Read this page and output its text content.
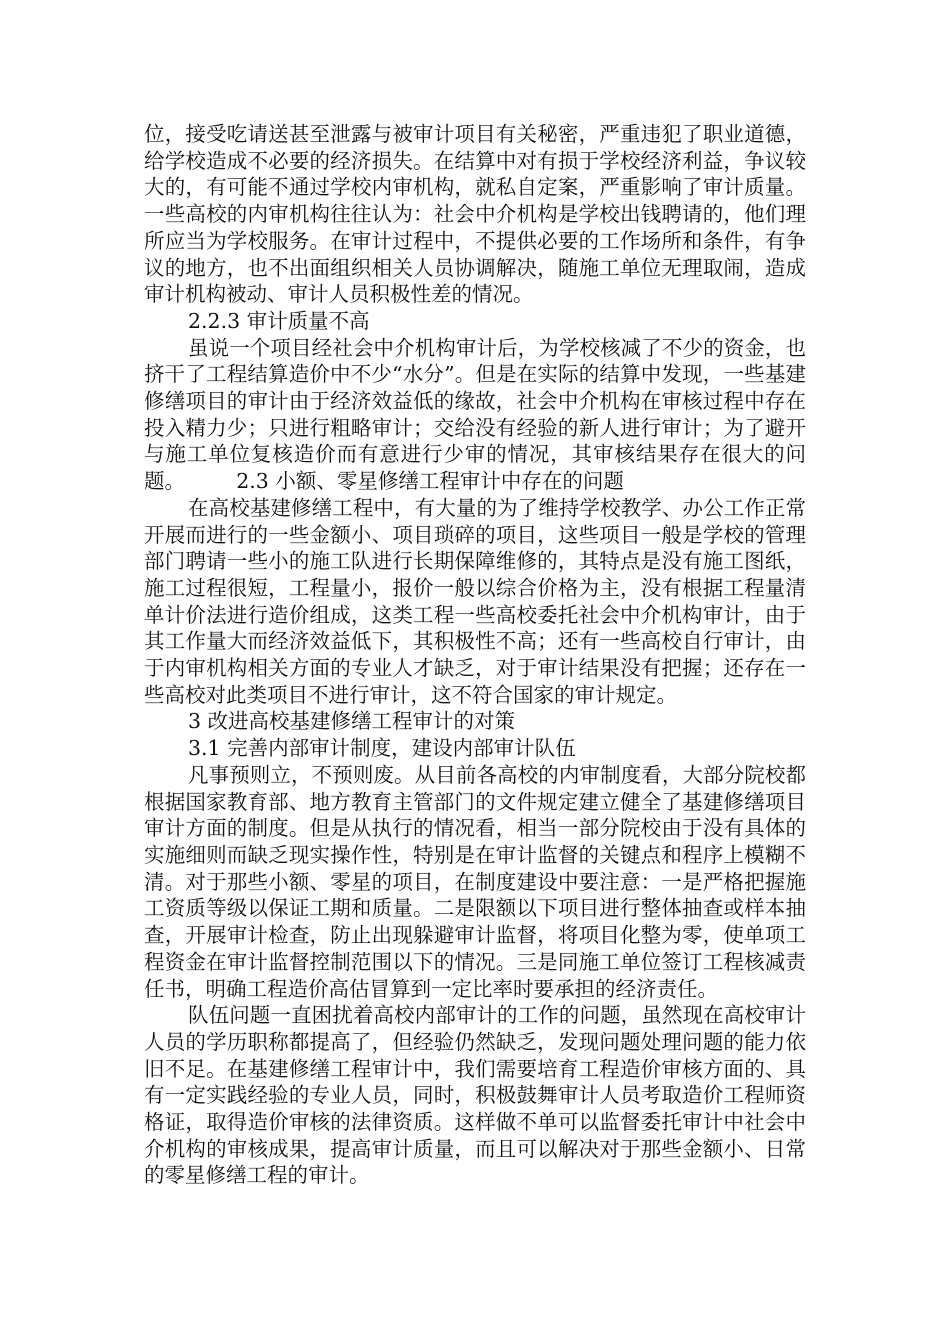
位，接受吃请送甚至泄露与被审计项目有关秘密，严重违犯了职业道德，给学校造成不必要的经济损失。在结算中对有损于学校经济利益，争议较大的，有可能不通过学校内审机构，就私自定案，严重影响了审计质量。一些高校的内审机构往往认为：社会中介机构是学校出钱聘请的，他们理所应当为学校服务。在审计过程中，不提供必要的工作场所和条件，有争议的地方，也不出面组织相关人员协调解决，随施工单位无理取闹，造成审计机构被动、审计人员积极性差的情况。

2.2.3 审计质量不高

虽说一个项目经社会中介机构审计后，为学校核减了不少的资金，也挤干了工程结算造价中不少“水分”。但是在实际的结算中发现，一些基建修缮项目的审计由于经济效益低的缘故，社会中介机构在审核过程中存在投入精力少；只进行粗略审计；交给没有经验的新人进行审计；为了避开与施工单位复核造价而有意进行少审的情况，其审核结果存在很大的问题。　　　2.3 小额、零星修缮工程审计中存在的问题

在高校基建修缮工程中，有大量的为了维持学校教学、办公工作正常开展而进行的一些金额小、项目琐碎的项目，这些项目一般是学校的管理部门聘请一些小的施工队进行长期保障维修的，其特点是没有施工图纸，施工过程很短，工程量小，报价一般以综合价格为主，没有根据工程量清单计价法进行造价组成，这类工程一些高校委托社会中介机构审计，由于其工作量大而经济效益低下，其积极性不高；还有一些高校自行审计，由于内审机构相关方面的专业人才缺乏，对于审计结果没有把握；还存在一些高校对此类项目不进行审计，这不符合国家的审计规定。

3 改进高校基建修缮工程审计的对策

3.1 完善内部审计制度，建设内部审计队伍

凡事预则立，不预则废。从目前各高校的内审制度看，大部分院校都根据国家教育部、地方教育主管部门的文件规定建立健全了基建修缮项目审计方面的制度。但是从执行的情况看，相当一部分院校由于没有具体的实施细则而缺乏现实操作性，特别是在审计监督的关键点和程序上模糊不清。对于那些小额、零星的项目，在制度建设中要注意：一是严格把握施工资质等级以保证工期和质量。二是限额以下项目进行整体抽查或样本抽查，开展审计检查，防止出现躲避审计监督，将项目化整为零，使单项工程资金在审计监督控制范围以下的情况。三是同施工单位签订工程核减责任书，明确工程造价高估冒算到一定比率时要承担的经济责任。

队伍问题一直困扰着高校内部审计的工作的问题，虽然现在高校审计人员的学历职称都提高了，但经验仍然缺乏，发现问题处理问题的能力依旧不足。在基建修缮工程审计中，我们需要培育工程造价审核方面的、具有一定实践经验的专业人员，同时，积极鼓舞审计人员考取造价工程师资格证，取得造价审核的法律资质。这样做不单可以监督委托审计中社会中介机构的审核成果，提高审计质量，而且可以解决对于那些金额小、日常的零星修缮工程的审计。
